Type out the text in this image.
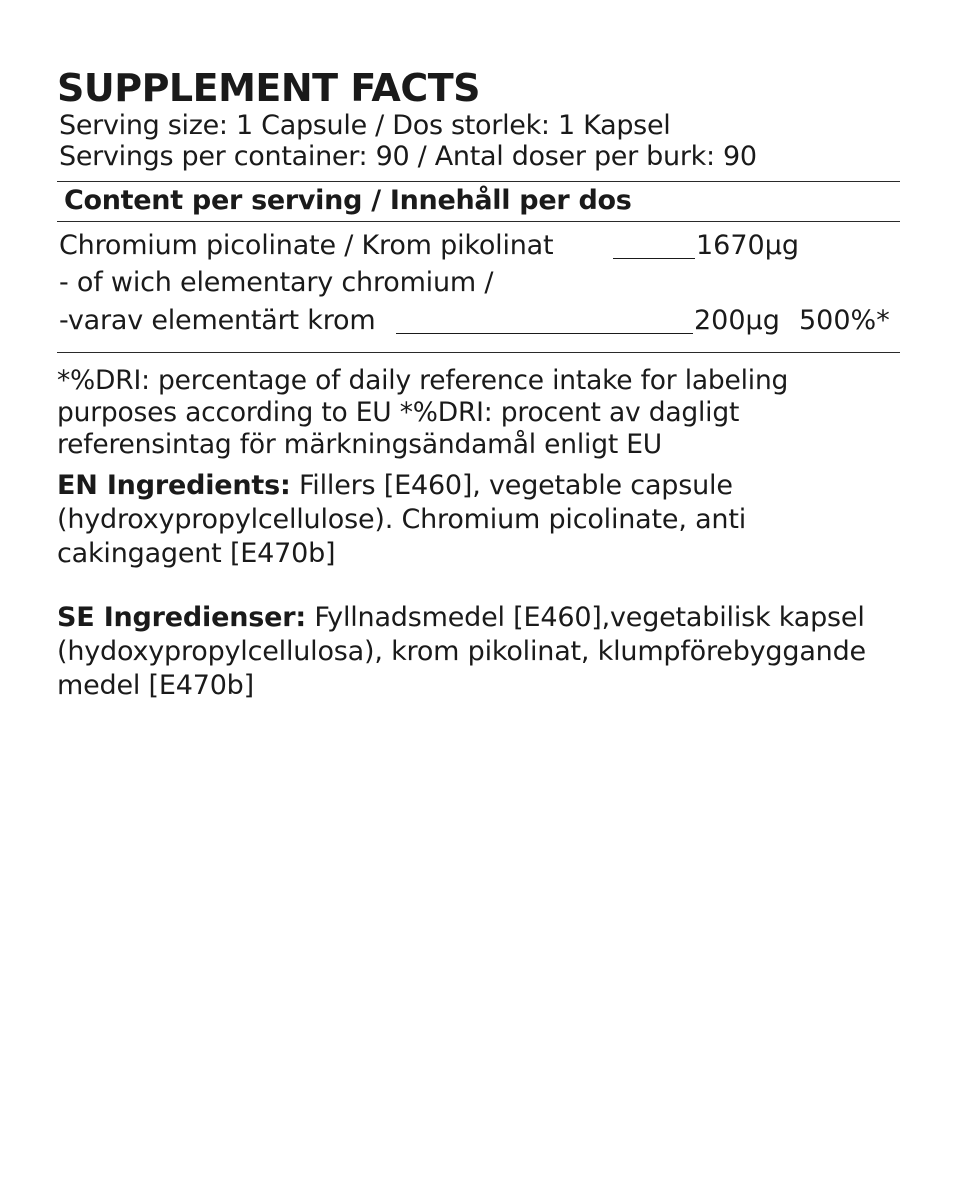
SUPPLEMENT FACTS
Serving size: 1 Capsule / Dos storlek: 1 Kapsel
Servings per container: 90 / Antal doser per burk: 90
Content per serving / Innehåll per dos
Chromium picolinate / Krom pikolinat	1670μg
- of wich elementary chromium /
-varav elementärt krom	200μg 500%*
*%DRI: percentage of daily reference intake for labeling purposes according to EU *%DRI: procent av dagligt referensintag för märkningsändamål enligt EU
EN Ingredients: Fillers [E460], vegetable capsule (hydroxypropylcellulose). Chromium picolinate, anti cakingagent [E470b]
SE Ingredienser: Fyllnadsmedel [E460],vegetabilisk kapsel (hydoxypropylcellulosa), krom pikolinat, klumpförebyggande medel [E470b]
